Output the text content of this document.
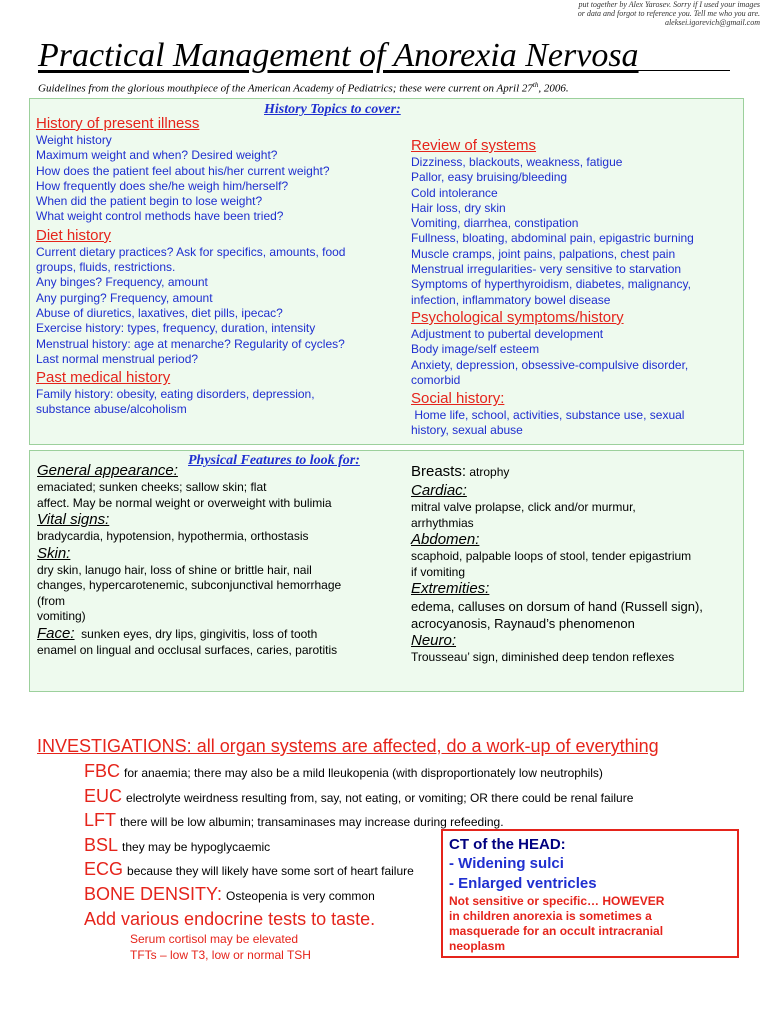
put together by Alex Yarosev. Sorry if I used your images
or data and forgot to reference you. Tell me who you are.
aleksei.igorevich@gmail.com
Practical Management of Anorexia Nervosa
Guidelines from the glorious mouthpiece of the American Academy of Pediatrics; these were current on April 27th, 2006.
History Topics to cover:
History of present illness
Weight history
Maximum weight and when? Desired weight?
How does the patient feel about his/her current weight?
How frequently does she/he weigh him/herself?
When did the patient begin to lose weight?
What weight control methods have been tried?
Diet history
Current dietary practices? Ask for specifics, amounts, food
groups, fluids, restrictions.
Any binges? Frequency, amount
Any purging? Frequency, amount
Abuse of diuretics, laxatives, diet pills, ipecac?
Exercise history: types, frequency, duration, intensity
Menstrual history: age at menarche? Regularity of cycles?
Last normal menstrual period?
Past medical history
Family history: obesity, eating disorders, depression,
substance abuse/alcoholism
Review of systems
Dizziness, blackouts, weakness, fatigue
Pallor, easy bruising/bleeding
Cold intolerance
Hair loss, dry skin
Vomiting, diarrhea, constipation
Fullness, bloating, abdominal pain, epigastric burning
Muscle cramps, joint pains, palpations, chest pain
Menstrual irregularities- very sensitive to starvation
Symptoms of hyperthyroidism, diabetes, malignancy,
infection, inflammatory bowel disease
Psychological symptoms/history
Adjustment to pubertal development
Body image/self esteem
Anxiety, depression, obsessive-compulsive disorder,
comorbid
Social history:
Home life, school, activities, substance use, sexual
history, sexual abuse
Physical Features to look for:
General appearance:
emaciated; sunken cheeks; sallow skin; flat
affect. May be normal weight or overweight with bulimia
Vital signs:
bradycardia, hypotension, hypothermia, orthostasis
Skin:
dry skin, lanugo hair, loss of shine or brittle hair, nail
changes, hypercarotenemic, subconjunctival hemorrhage
(from
vomiting)
Face:  sunken eyes, dry lips, gingivitis, loss of tooth
enamel on lingual and occlusal surfaces, caries, parotitis
Breasts: atrophy
Cardiac:
mitral valve prolapse, click and/or murmur,
arrhythmias
Abdomen:
scaphoid, palpable loops of stool, tender epigastrium
if vomiting
Extremities:
edema, calluses on dorsum of hand (Russell sign),
acrocyanosis, Raynaud’s phenomenon
Neuro:
Trousseau’ sign, diminished deep tendon reflexes
INVESTIGATIONS: all organ systems are affected, do a work-up of everything
FBC for anaemia; there may also be a mild lleukopenia (with disproportionately low neutrophils)
EUC electrolyte weirdness resulting from, say, not eating, or vomiting; OR there could be renal failure
LFT there will be low albumin; transaminases may increase during refeeding.
BSL they may be hypoglycaemic
ECG because they will likely have some sort of heart failure
BONE DENSITY: Osteopenia is very common
Add various endocrine tests to taste.
Serum cortisol may be elevated
TFTs – low T3, low or normal TSH
CT of the HEAD:
- Widening sulci
- Enlarged ventricles
Not sensitive or specific… HOWEVER
in children anorexia is sometimes a
masquerade for an occult intracranial
neoplasm
